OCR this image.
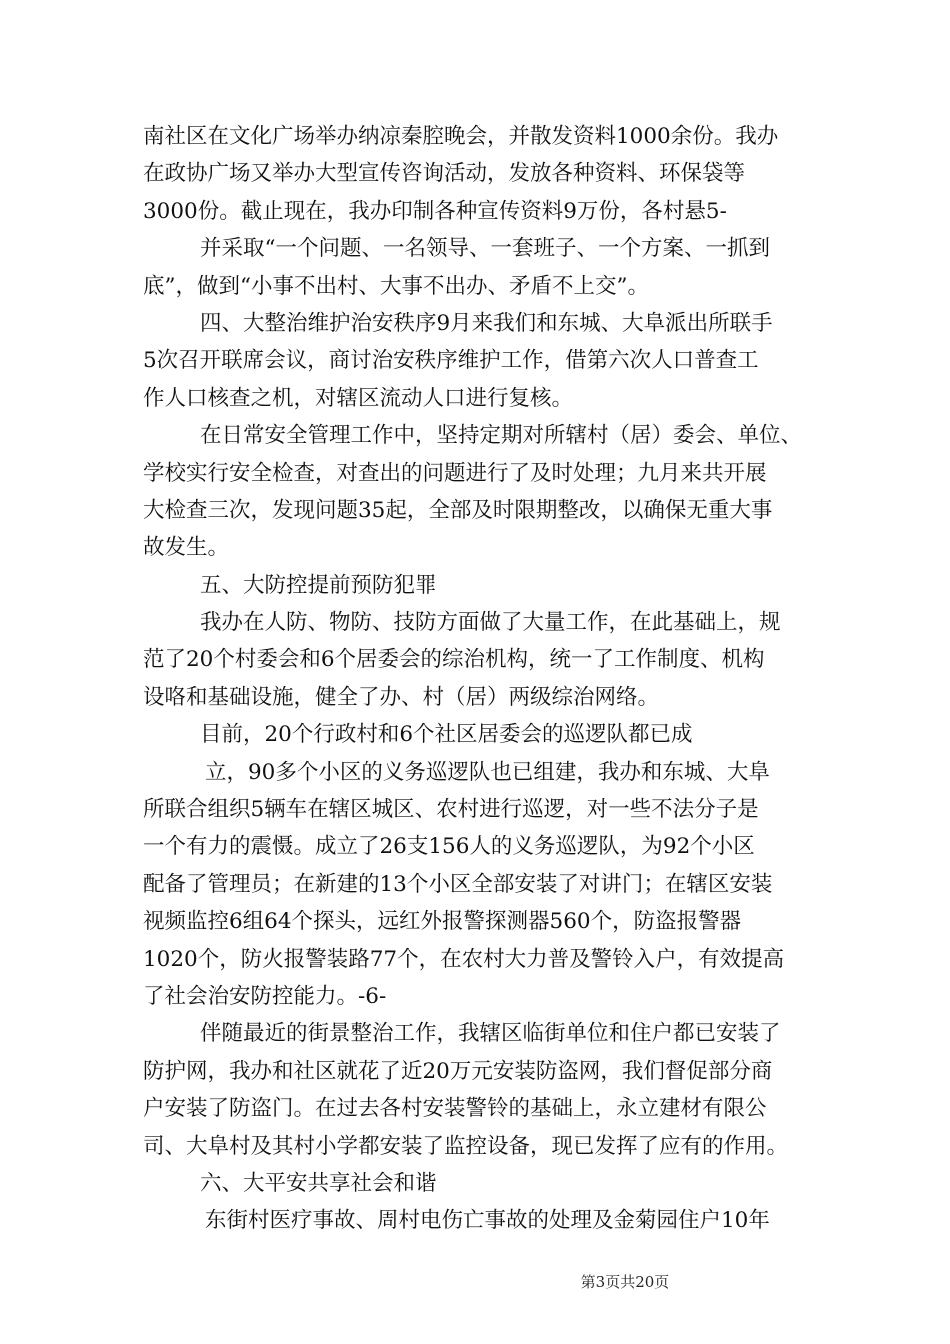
南社区在文化广场举办纳凉秦腔晚会，并散发资料1000余份。我办
在政协广场又举办大型宣传咨询活动，发放各种资料、环保袋等
3000份。截止现在，我办印制各种宣传资料9万份，各村悬5-
并采取“一个问题、一名领导、一套班子、一个方案、一抓到
底”，做到“小事不出村、大事不出办、矛盾不上交”。
四、大整治维护治安秩序9月来我们和东城、大阜派出所联手
5次召开联席会议，商讨治安秩序维护工作，借第六次人口普查工
作人口核查之机，对辖区流动人口进行复核。
在日常安全管理工作中，坚持定期对所辖村（居）委会、单位、
学校实行安全检查，对查出的问题进行了及时处理；九月来共开展
大检查三次，发现问题35起，全部及时限期整改，以确保无重大事
故发生。
五、大防控提前预防犯罪
我办在人防、物防、技防方面做了大量工作，在此基础上，规
范了20个村委会和6个居委会的综治机构，统一了工作制度、机构
设咯和基础设施，健全了办、村（居）两级综治网络。
目前，20个行政村和6个社区居委会的巡逻队都已成
立，90多个小区的义务巡逻队也已组建，我办和东城、大阜
所联合组织5辆车在辖区城区、农村进行巡逻，对一些不法分子是
一个有力的震慑。成立了26支156人的义务巡逻队，为92个小区
配备了管理员；在新建的13个小区全部安装了对讲门；在辖区安装
视频监控6组64个探头，远红外报警探测器560个，防盗报警器
1020个，防火报警装路77个，在农村大力普及警铃入户，有效提高
了社会治安防控能力。-6-
伴随最近的街景整治工作，我辖区临街单位和住户都已安装了
防护网，我办和社区就花了近20万元安装防盗网，我们督促部分商
户安装了防盗门。在过去各村安装警铃的基础上，永立建材有限公
司、大阜村及其村小学都安装了监控设备，现已发挥了应有的作用。
六、大平安共享社会和谐
东街村医疗事故、周村电伤亡事故的处理及金菊园住户10年
第3页共20页
